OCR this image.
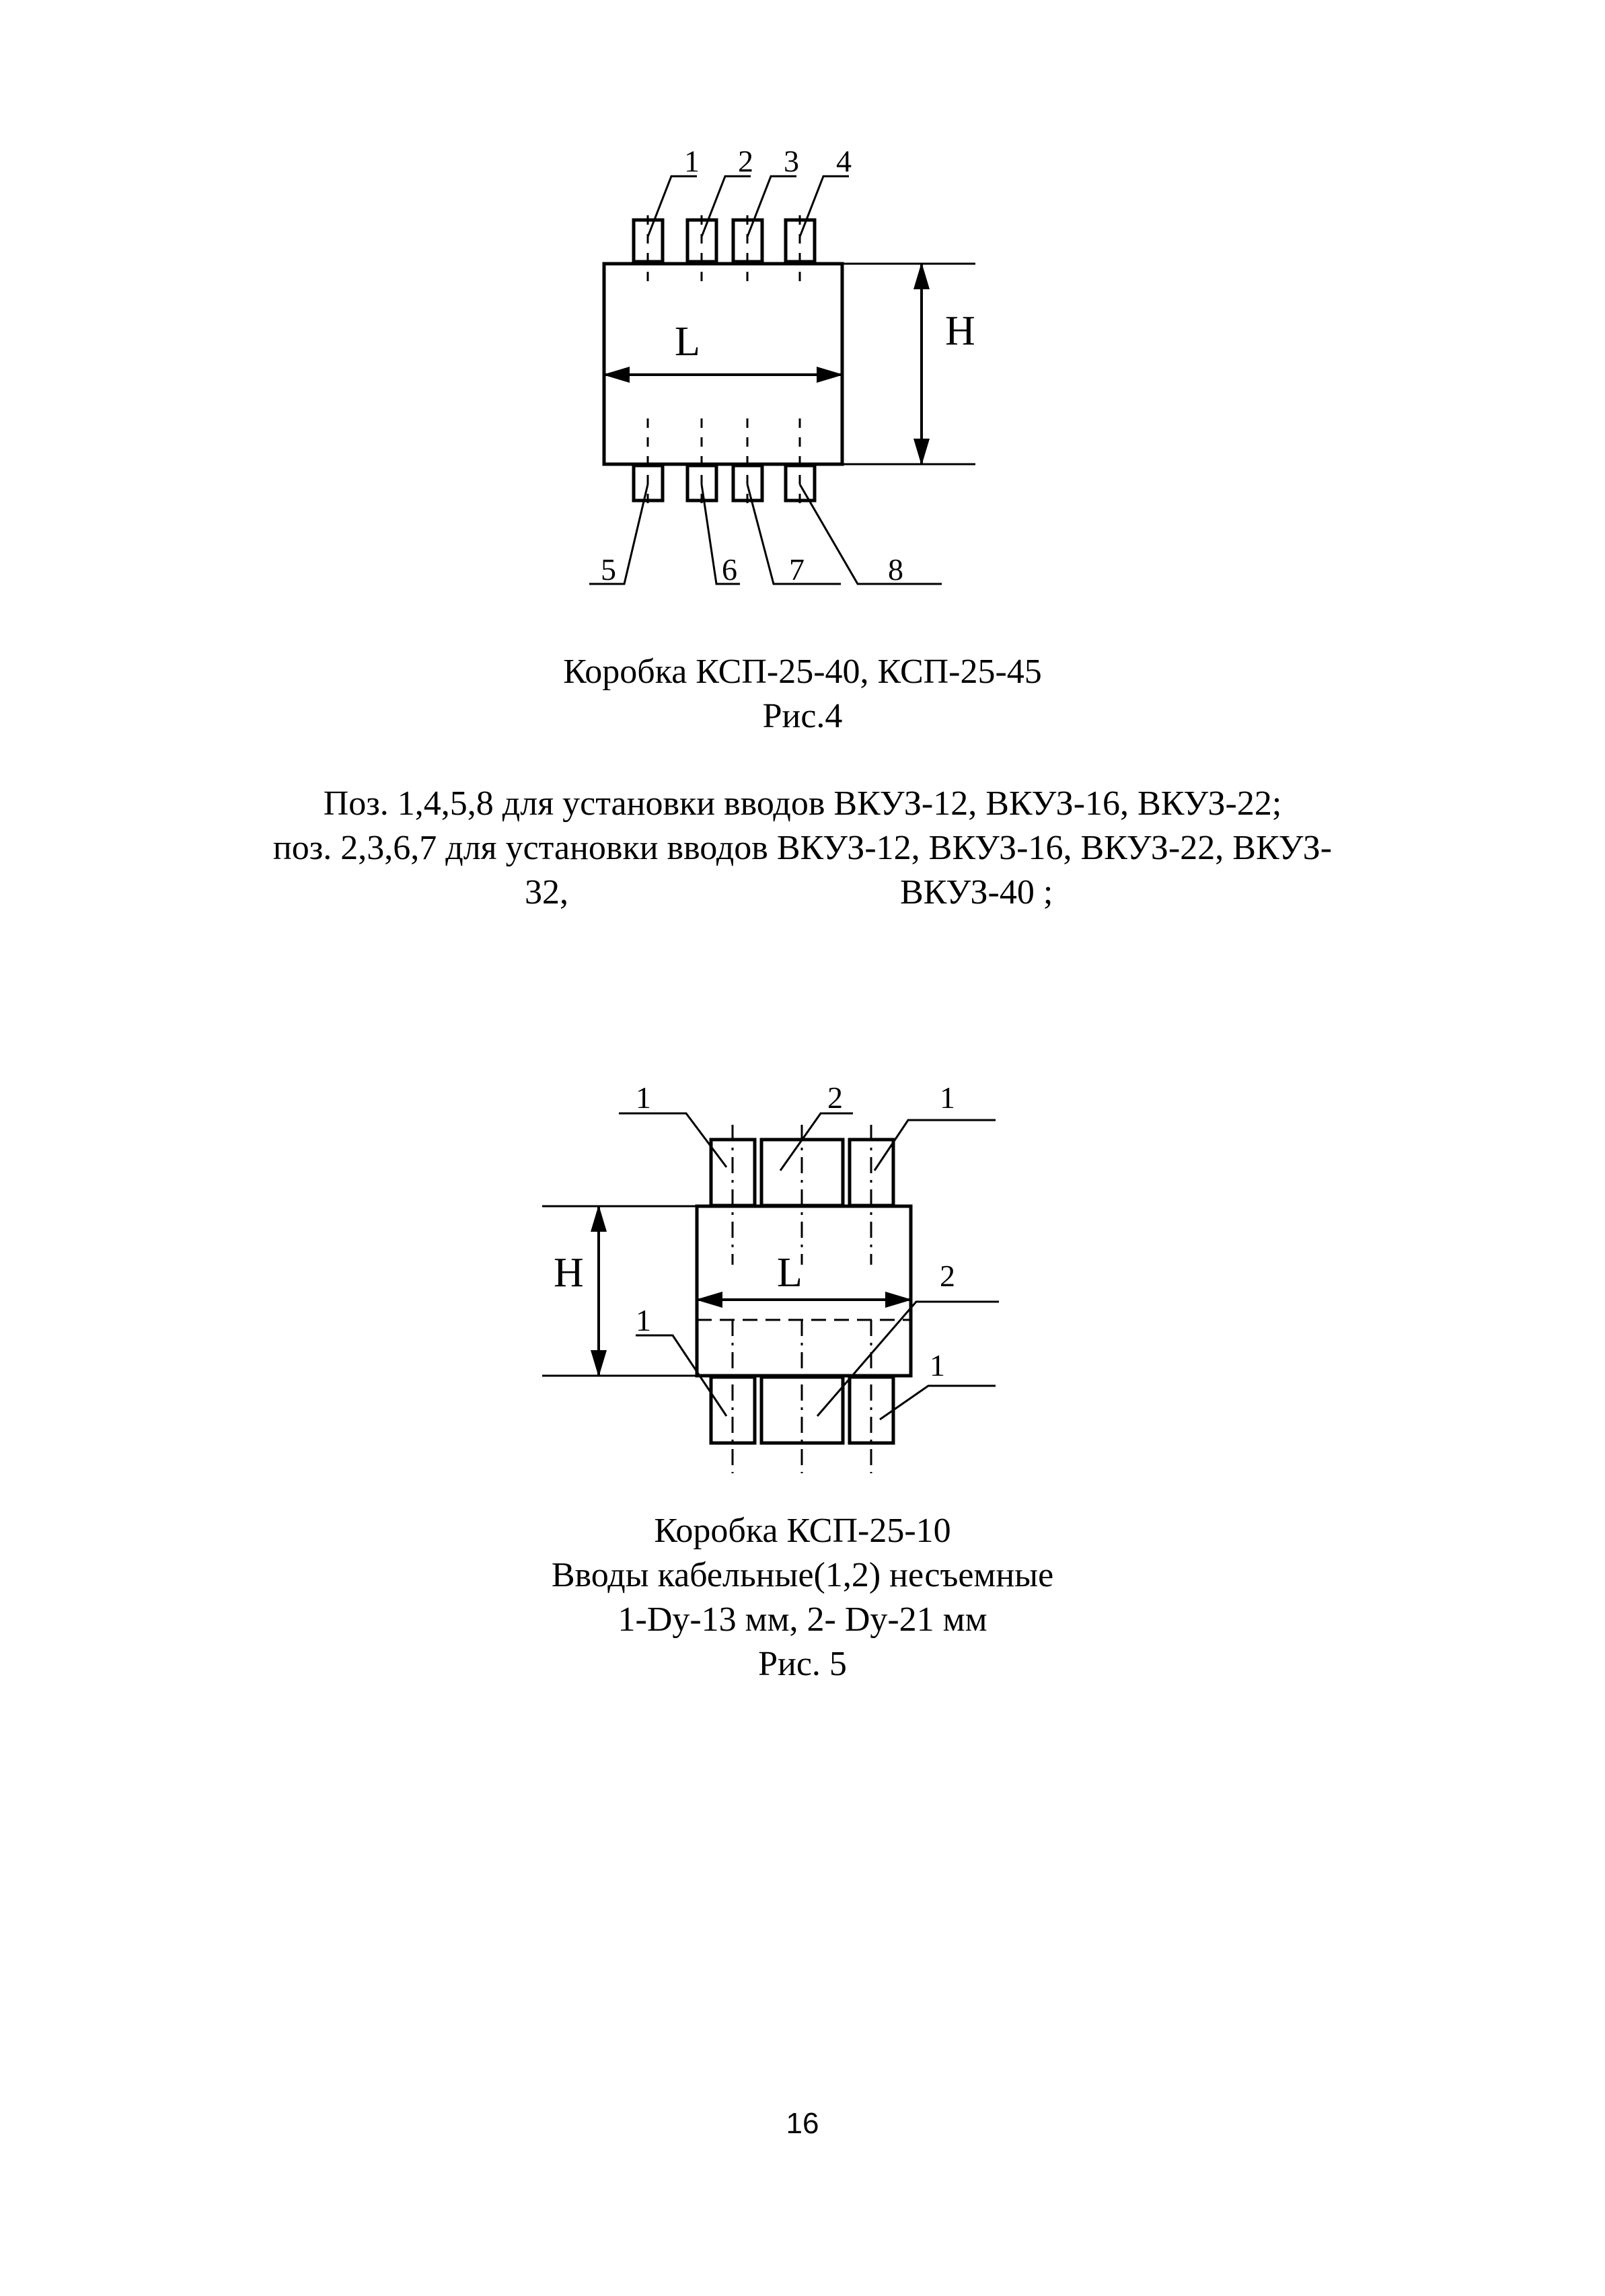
1 2 3 4
5	6 7	8
L	H
1	2	1
2
1
1
L
H
Коробка КСП-25-40, КСП-25-45
Рис.4
Поз. 1,4,5,8 для установки вводов ВКУЗ-12, ВКУЗ-16, ВКУЗ-22;
поз. 2,3,6,7 для установки вводов ВКУЗ-12, ВКУЗ-16, ВКУЗ-22, ВКУЗ-
32,	ВКУЗ-40 ;
Коробка КСП-25-10
Вводы кабельные(1,2) несъемные
1-Dy-13 мм, 2- Dy-21 мм
Рис. 5
16
